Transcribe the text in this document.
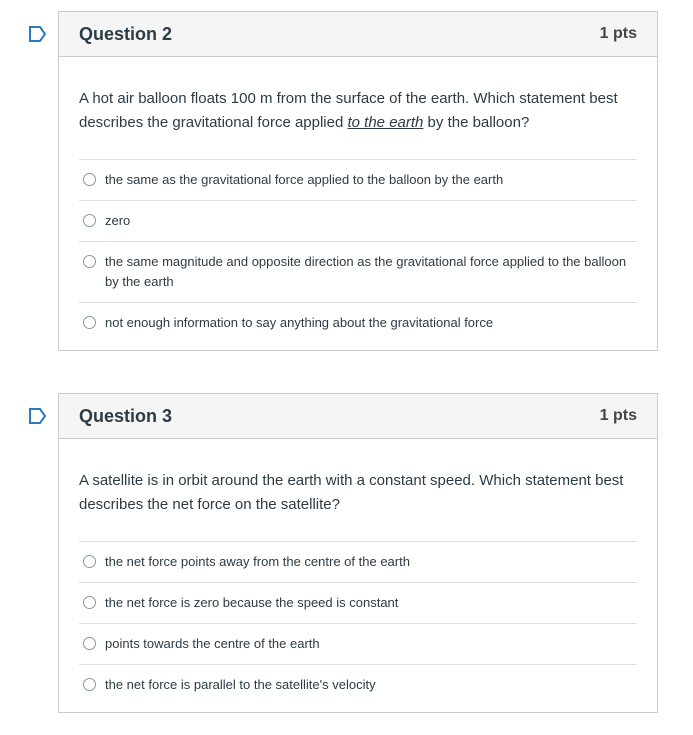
Question 2	1 pts

A hot air balloon floats 100 m from the surface of the earth. Which statement best describes the gravitational force applied to the earth by the balloon?

the same as the gravitational force applied to the balloon by the earth
zero
the same magnitude and opposite direction as the gravitational force applied to the balloon by the earth
not enough information to say anything about the gravitational force
Question 3	1 pts

A satellite is in orbit around the earth with a constant speed. Which statement best describes the net force on the satellite?

the net force points away from the centre of the earth
the net force is zero because the speed is constant
points towards the centre of the earth
the net force is parallel to the satellite's velocity
